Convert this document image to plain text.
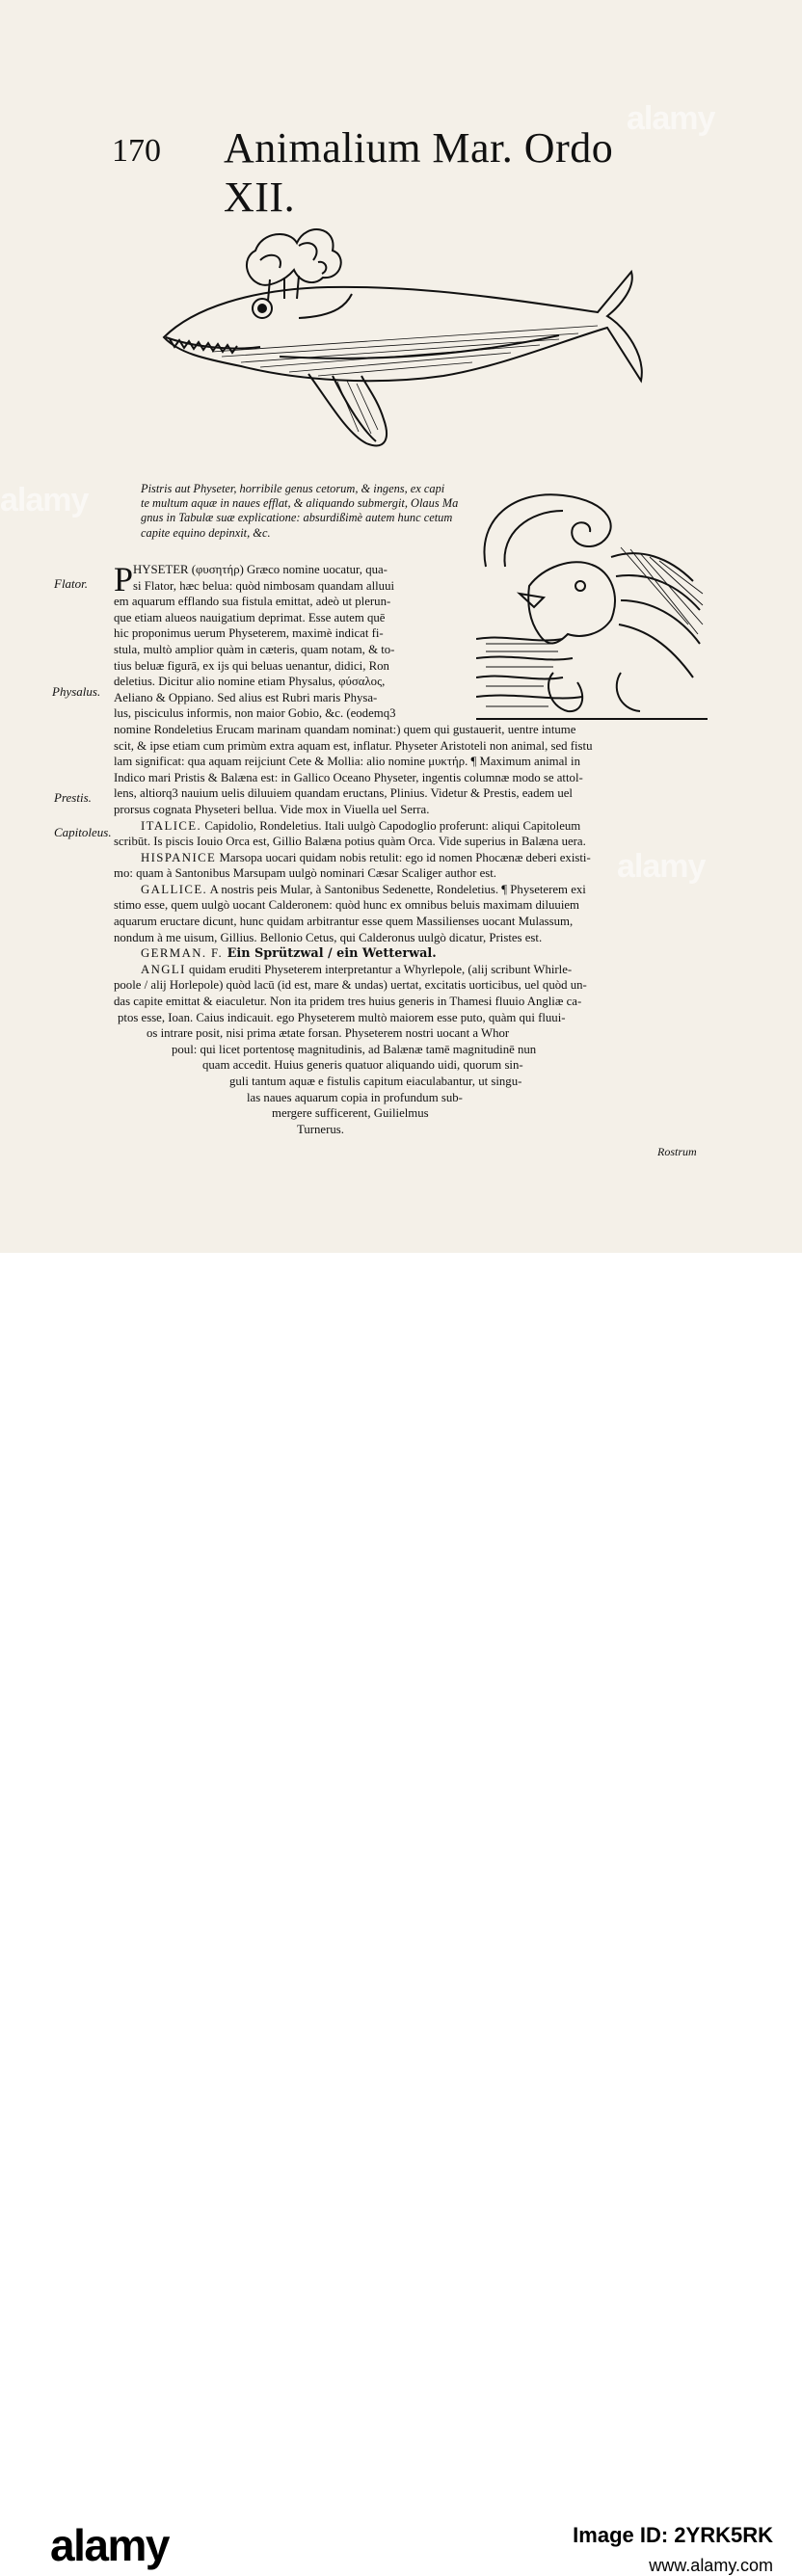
alamy
alamy
alamy
170 Animalium Mar. Ordo XII.
Pistris aut Physeter, horribile genus cetorum, & ingens, ex capi
te multum aquæ in naues efflat, & aliquando submergit, Olaus Ma
gnus in Tabulæ suæ explicatione: absurdißimè autem hunc cetum
capite equino depinxit, &c.
Flator.
Physalus.
Prestis.
Capitoleus.
P HYSETER (φυσητήρ) Græco nomine uocatur, qua-
si Flator, hæc belua: quòd nimbosam quandam alluui
em aquarum efflando sua fistula emittat, adeò ut plerun-
que etiam alueos nauigatium deprimat. Esse autem quē
hic proponimus uerum Physeterem, maximè indicat fi-
stula, multò amplior quàm in cæteris, quam notam, & to-
tius beluæ figurā, ex ijs qui beluas uenantur, didici, Ron
deletius. Dicitur alio nomine etiam Physalus, φύσαλος,
Aeliano & Oppiano. Sed alius est Rubri maris Physa-
lus, pisciculus informis, non maior Gobio, &c. (eodemq3
nomine Rondeletius Erucam marinam quandam nominat:) quem qui gustauerit, uentre intume
scit, & ipse etiam cum primùm extra aquam est, inflatur. Physeter Aristoteli non animal, sed fistu
lam significat: qua aquam reijciunt Cete & Mollia: alio nomine μυκτήρ. ¶ Maximum animal in
Indico mari Pristis & Balæna est: in Gallico Oceano Physeter, ingentis columnæ modo se attol-
lens, altiorq3 nauium uelis diluuiem quandam eructans, Plinius. Videtur & Prestis, eadem uel
prorsus cognata Physeteri bellua. Vide mox in Viuella uel Serra.
ITALICE. Capidolio, Rondeletius. Itali uulgò Capodoglio proferunt: aliqui Capitoleum
scribūt. Is piscis Iouio Orca est, Gillio Balæna potius quàm Orca. Vide superius in Balæna uera.
HISPANICE Marsopa uocari quidam nobis retulit: ego id nomen Phocænæ deberi existi-
mo: quam à Santonibus Marsupam uulgò nominari Cæsar Scaliger author est.
GALLICE. A nostris peis Mular, à Santonibus Sedenette, Rondeletius. ¶ Physeterem exi
stimo esse, quem uulgò uocant Calderonem: quòd hunc ex omnibus beluis maximam diluuiem
aquarum eructare dicunt, hunc quidam arbitrantur esse quem Massilienses uocant Mulassum,
nondum à me uisum, Gillius. Bellonio Cetus, qui Calderonus uulgò dicatur, Pristes est.
GERMAN. F. Ein Sprützwal / ein Wetterwal.
ANGLI quidam eruditi Physeterem interpretantur a Whyrlepole, (alij scribunt Whirle-
poole / alij Horlepole) quòd lacū (id est, mare & undas) uertat, excitatis uorticibus, uel quòd un-
das capite emittat & eiaculetur. Non ita pridem tres huius generis in Thamesi fluuio Angliæ ca-
ptos esse, Ioan. Caius indicauit. ego Physeterem multò maiorem esse puto, quàm qui fluui-
os intrare posit, nisi prima ætate forsan. Physeterem nostri uocant a Whor
poul: qui licet portentosę magnitudinis, ad Balænæ tamē magnitudinē nun
quam accedit. Huius generis quatuor aliquando uidi, quorum sin-
guli tantum aquæ e fistulis capitum eiaculabantur, ut singu-
las naues aquarum copia in profundum sub-
mergere sufficerent, Guilielmus
Turnerus.
Rostrum
alamy	Image ID: 2YRK5RK
www.alamy.com
